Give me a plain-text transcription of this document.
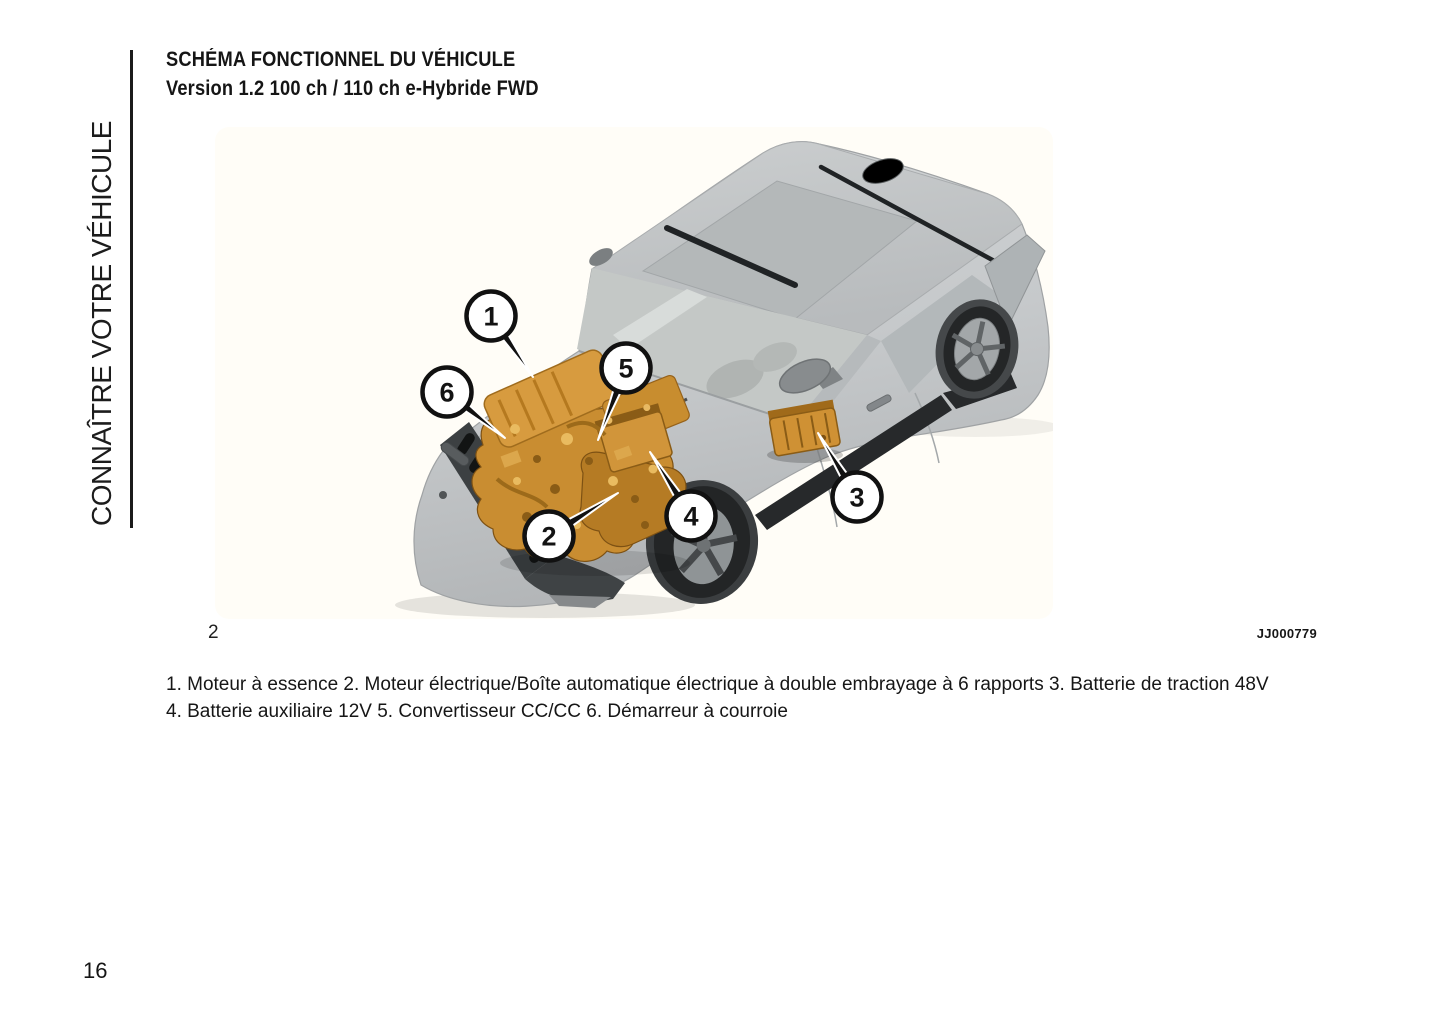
CONNAÎTRE VOTRE VÉHICULE
SCHÉMA FONCTIONNEL DU VÉHICULE
Version 1.2 100 ch / 110 ch e-Hybride FWD
1
6
5
2
4
3
2	JJ000779
1. Moteur à essence 2. Moteur électrique/Boîte automatique électrique à double embrayage à 6 rapports 3. Batterie de traction 48V
4. Batterie auxiliaire 12V 5. Convertisseur CC/CC 6. Démarreur à courroie
16
